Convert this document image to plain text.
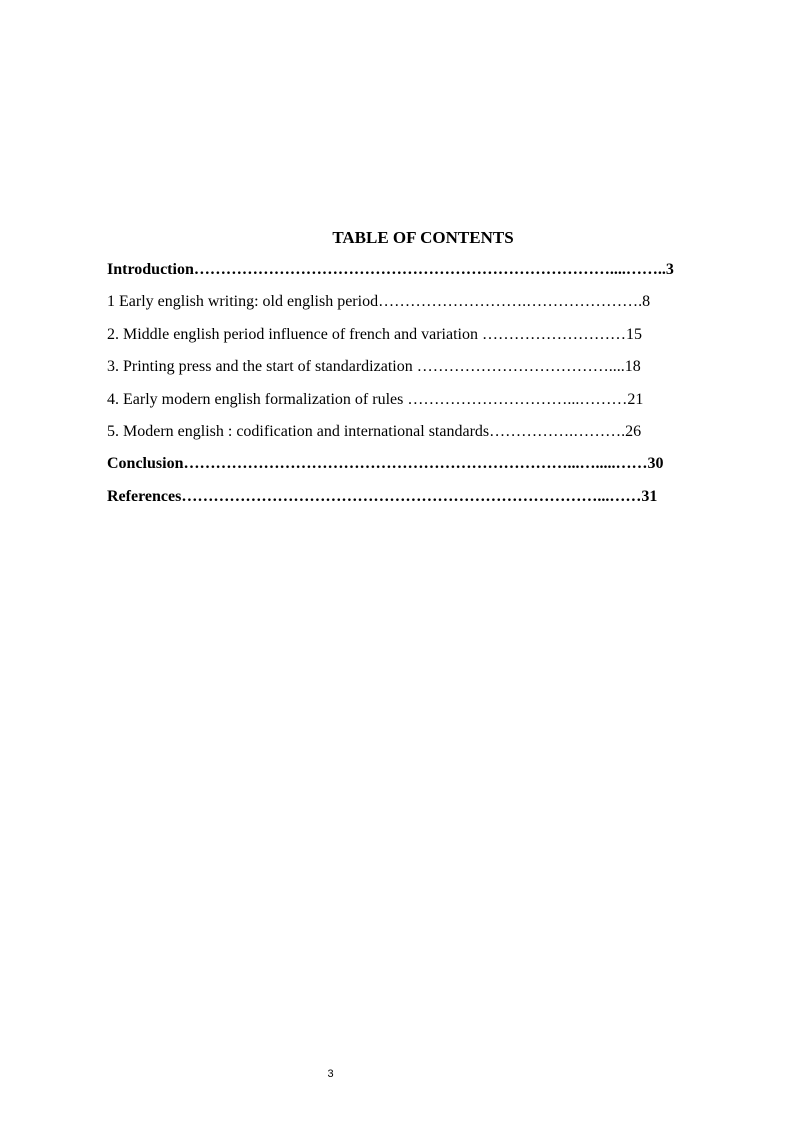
TABLE OF CONTENTS
Introduction……………………………………………………………………....……..3
1 Early english writing: old english period……………………….………………….8
2. Middle english period influence of french and variation ………………………15
3. Printing press and the start of standardization ………………………………....18
4. Early modern english formalization of rules …………………………...………21
5. Modern english : codification and international standards…………….……….26
Conclusion………………………………………………………………...….....……30
References……………………………………………………………………...……31
3
